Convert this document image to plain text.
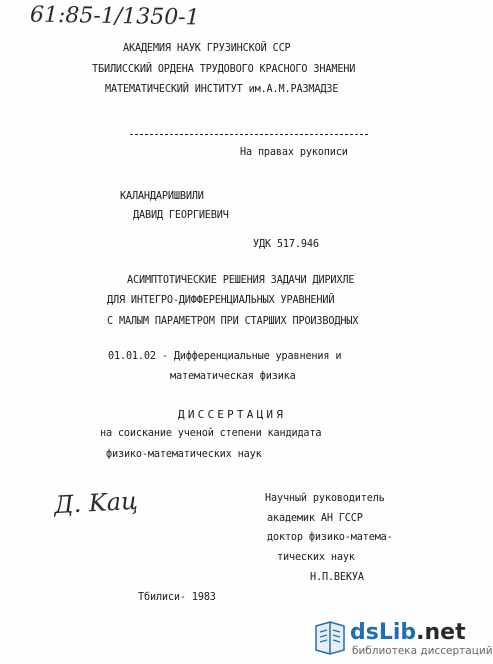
61:85-1/1350-1
АКАДЕМИЯ НАУК ГРУЗИНСКОЙ ССР
ТБИЛИССКИЙ ОРДЕНА ТРУДОВОГО КРАСНОГО ЗНАМЕНИ
МАТЕМАТИЧЕСКИЙ ИНСТИТУТ им.А.М.РАЗМАДЗЕ
На правах рукописи
КАЛАНДАРИШВИЛИ
ДАВИД ГЕОРГИЕВИЧ
УДК 517.946
АСИМПТОТИЧЕСКИЕ РЕШЕНИЯ ЗАДАЧИ ДИРИХЛЕ
ДЛЯ ИНТЕГРО-ДИФФЕРЕНЦИАЛЬНЫХ УРАВНЕНИЙ
С МАЛЫМ ПАРАМЕТРОМ ПРИ СТАРШИХ ПРОИЗВОДНЫХ
01.01.02 - Дифференциальные уравнения и
математическая физика
ДИССЕРТАЦИЯ
на соискание ученой степени кандидата
физико-математических наук
Д. Kaц	Научный руководитель
академик АН ГССР
доктор физико-матема-
тических наук
Н.П.ВЕКУА
Тбилиси- 1983
dsLib.net
библиотека диссертаций
